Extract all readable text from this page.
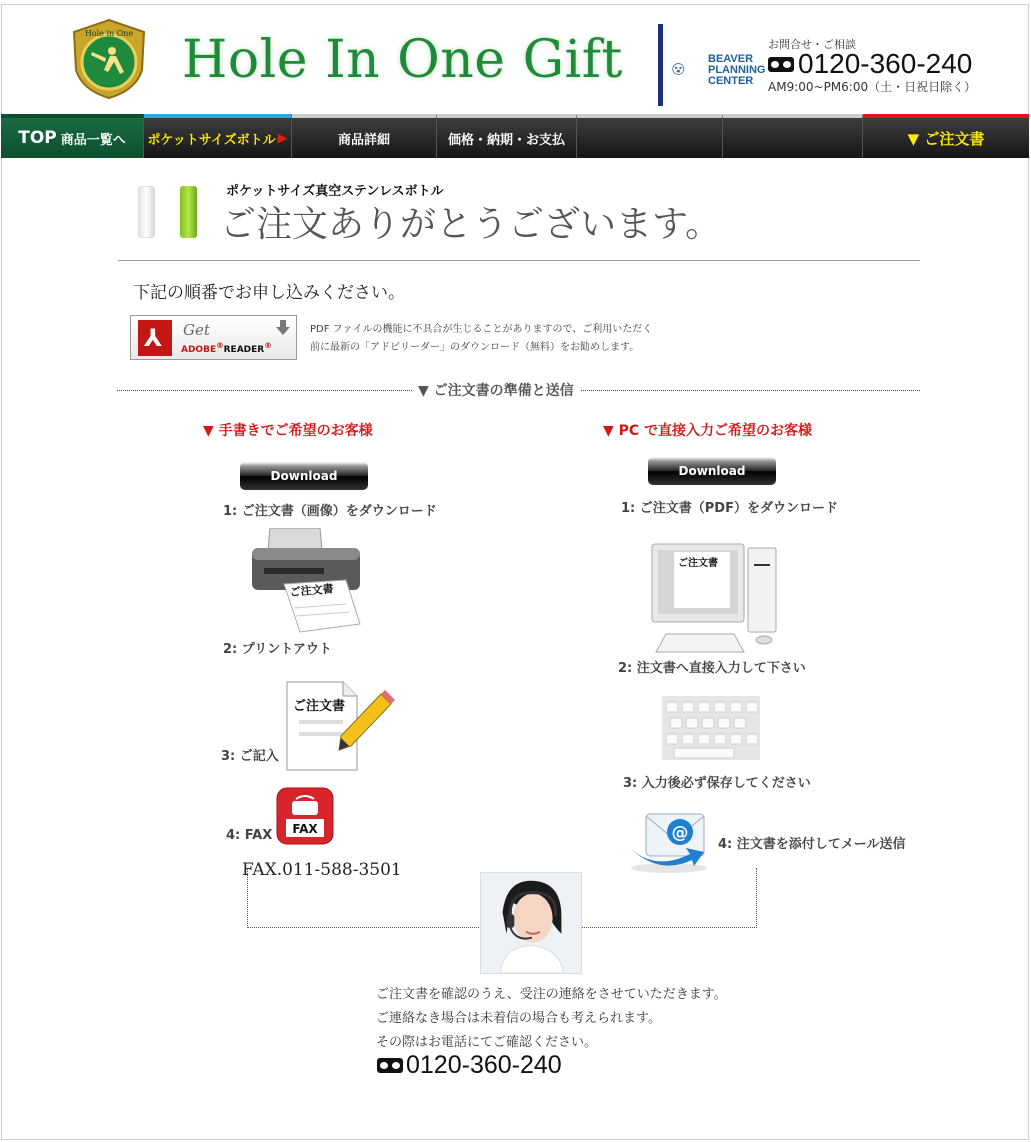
Hole in One Hole In One Gift	BEAVER
PLANNING
CENTER
お問合せ・ご相談
0120-360-240
AM9:00~PM6:00（土・日祝日除く）
TOP 商品一覧へ ポケットサイズボトル ▶	商品詳細	価格・納期・お支払	▼ ご注文書
ポケットサイズ真空ステンレスボトル
ご注文ありがとうございます。
下記の順番でお申し込みください。
⅄ Get
ADOBE®READER®
PDF ファイルの機能に不具合が生じることがありますので、ご利用いただく
前に最新の「アドビリーダー」のダウンロード（無料）をお勧めします。
▼ ご注文書の準備と送信
▼ 手書きでご希望のお客様
Download
1: ご注文書（画像）をダウンロード
ご注文書
2: プリントアウト
ご注文書
3: ご記入
FAX
4: FAX
FAX.011-588-3501
▼ PC で直接入力ご希望のお客様
Download
1: ご注文書（PDF）をダウンロード
ご注文書
2: 注文書へ直接入力して下さい
3: 入力後必ず保存してください
@
4: 注文書を添付してメール送信
ご注文書を確認のうえ、受注の連絡をさせていただきます。
ご連絡なき場合は未着信の場合も考えられます。
その際はお電話にてご確認ください。
0120-360-240
